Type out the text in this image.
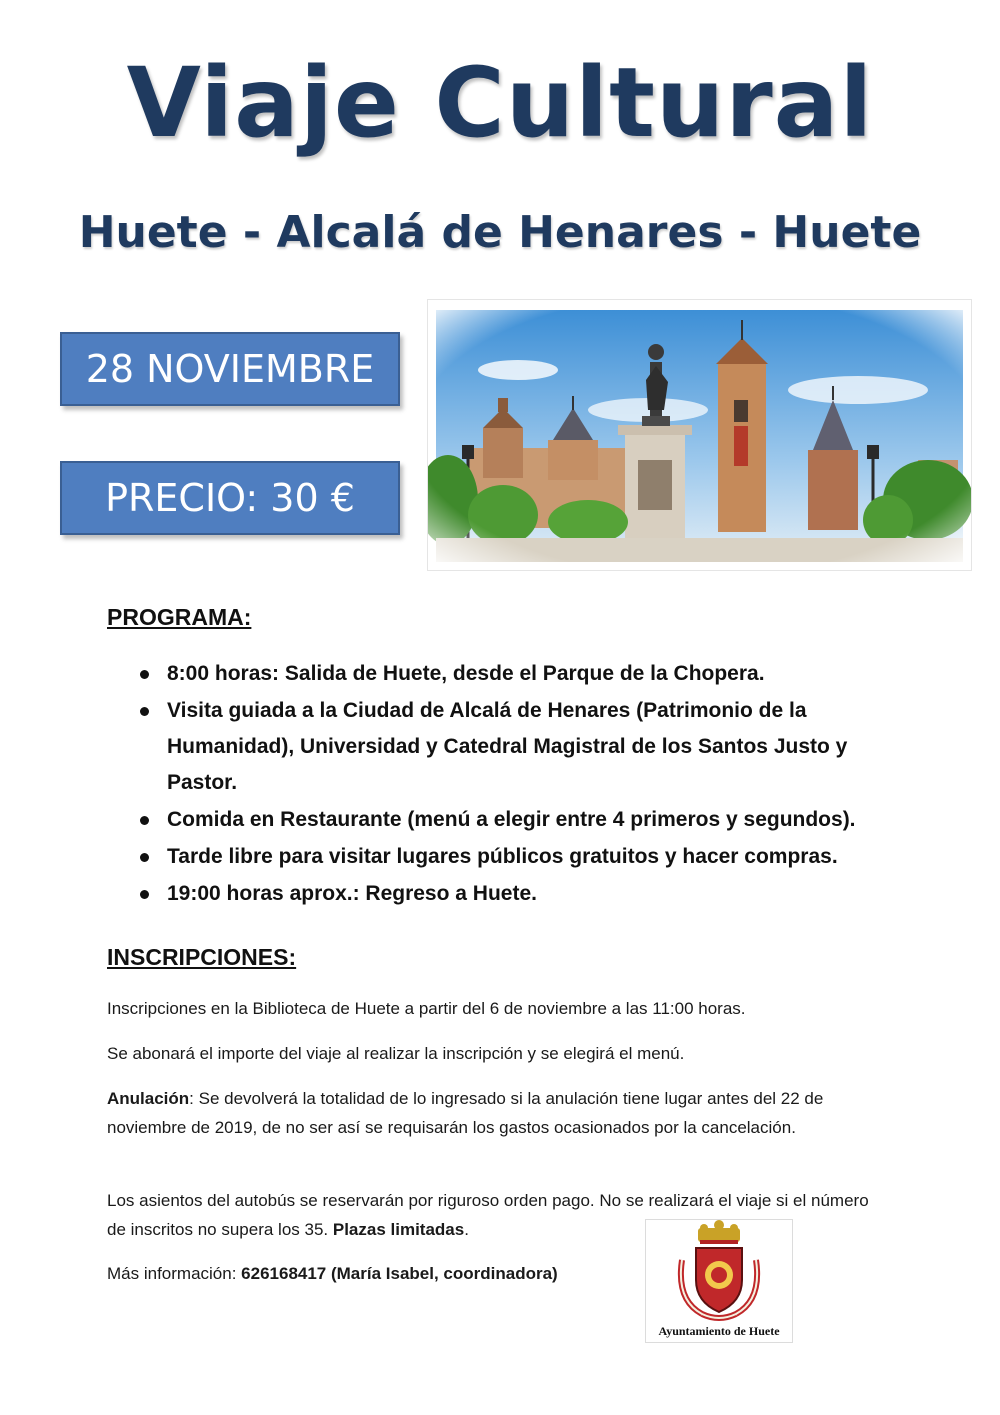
Viaje Cultural
Huete - Alcalá de Henares - Huete
28 NOVIEMBRE
PRECIO: 30 €
PROGRAMA:
8:00 horas: Salida de Huete, desde el Parque de la Chopera.
Visita guiada a la Ciudad de Alcalá de Henares (Patrimonio de la Humanidad), Universidad y Catedral Magistral de los Santos Justo y Pastor.
Comida en Restaurante (menú a elegir entre 4 primeros y segundos).
Tarde libre para visitar lugares públicos gratuitos y hacer compras.
19:00 horas aprox.: Regreso a Huete.
INSCRIPCIONES:
Inscripciones en la Biblioteca de Huete a partir del 6 de noviembre a las 11:00 horas.
Se abonará el importe del viaje al realizar la inscripción y se elegirá el menú.
Anulación: Se devolverá la totalidad de lo ingresado si la anulación tiene lugar antes del 22 de noviembre de 2019, de no ser así se requisarán los gastos ocasionados por la cancelación.
Los asientos del autobús se reservarán por riguroso orden pago. No se realizará el viaje si el número de inscritos no supera los 35. Plazas limitadas.
Más información: 626168417 (María Isabel, coordinadora)
Ayuntamiento de Huete
